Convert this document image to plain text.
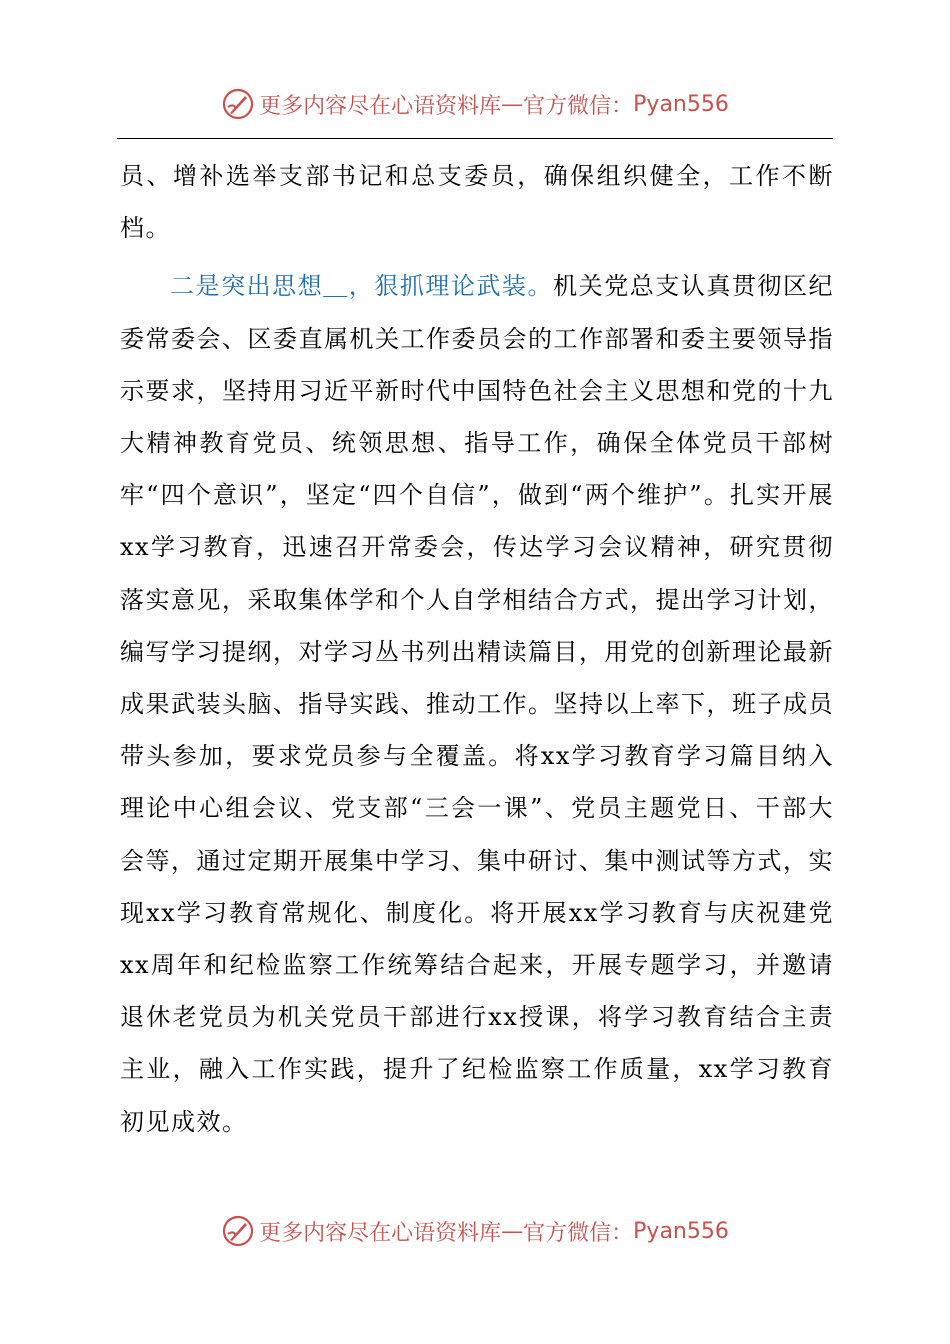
更多内容尽在心语资料库 — 官方微信： Pyan556

员、增补选举支部书记和总支委员，确保组织健全，工作不断档。

二是突出思想＿，狠抓理论武装。机关党总支认真贯彻区纪委常委会、区委直属机关工作委员会的工作部署和委主要领导指示要求，坚持用习近平新时代中国特色社会主义思想和党的十九大精神教育党员、统领思想、指导工作，确保全体党员干部树牢“四个意识”，坚定“四个自信”，做到“两个维护”。扎实开展xx学习教育，迅速召开常委会，传达学习会议精神，研究贯彻落实意见，采取集体学和个人自学相结合方式，提出学习计划，编写学习提纲，对学习丛书列出精读篇目，用党的创新理论最新成果武装头脑、指导实践、推动工作。坚持以上率下，班子成员带头参加，要求党员参与全覆盖。将xx学习教育学习篇目纳入理论中心组会议、党支部“三会一课”、党员主题党日、干部大会等，通过定期开展集中学习、集中研讨、集中测试等方式，实现xx学习教育常规化、制度化。将开展xx学习教育与庆祝建党xx周年和纪检监察工作统筹结合起来，开展专题学习，并邀请退休老党员为机关党员干部进行xx授课，将学习教育结合主责主业，融入工作实践，提升了纪检监察工作质量，xx学习教育初见成效。

更多内容尽在心语资料库 — 官方微信： Pyan556
